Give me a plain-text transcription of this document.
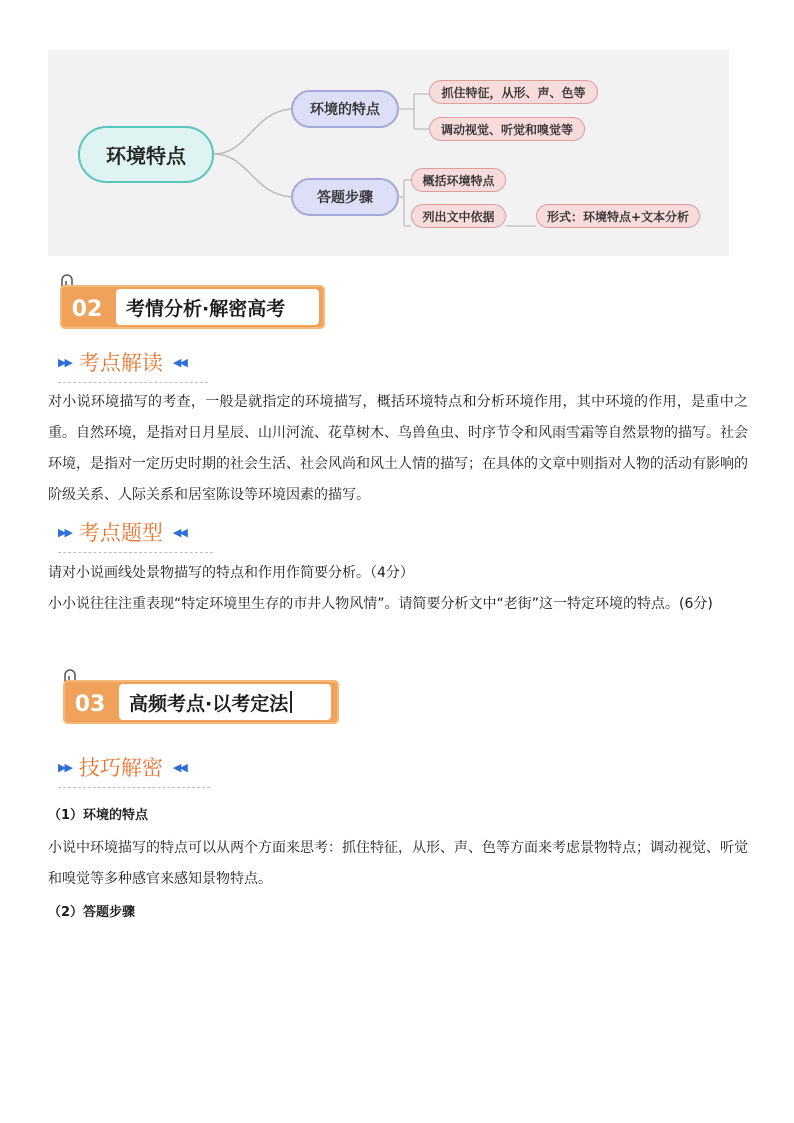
环境特点
环境的特点
答题步骤
抓住特征，从形、声、色等
调动视觉、听觉和嗅觉等
概括环境特点
列出文中依据	形式：环境特点+文本分析
02	考情分析·解密高考
▶▶ 考点解读 ◀◀
对小说环境描写的考查，一般是就指定的环境描写，概括环境特点和分析环境作用，其中环境的作用，是重中之重。自然环境，是指对日月星辰、山川河流、花草树木、鸟兽鱼虫、时序节令和风雨雪霜等自然景物的描写。社会环境，是指对一定历史时期的社会生活、社会风尚和风土人情的描写；在具体的文章中则指对人物的活动有影响的阶级关系、人际关系和居室陈设等环境因素的描写。
▶▶ 考点题型 ◀◀
请对小说画线处景物描写的特点和作用作简要分析。（4分）
小小说往往注重表现“特定环境里生存的市井人物风情”。请简要分析文中“老街”这一特定环境的特点。(6分)
03	高频考点·以考定法
▶▶ 技巧解密 ◀◀
（1）环境的特点
小说中环境描写的特点可以从两个方面来思考：抓住特征，从形、声、色等方面来考虑景物特点；调动视觉、听觉和嗅觉等多种感官来感知景物特点。
（2）答题步骤
